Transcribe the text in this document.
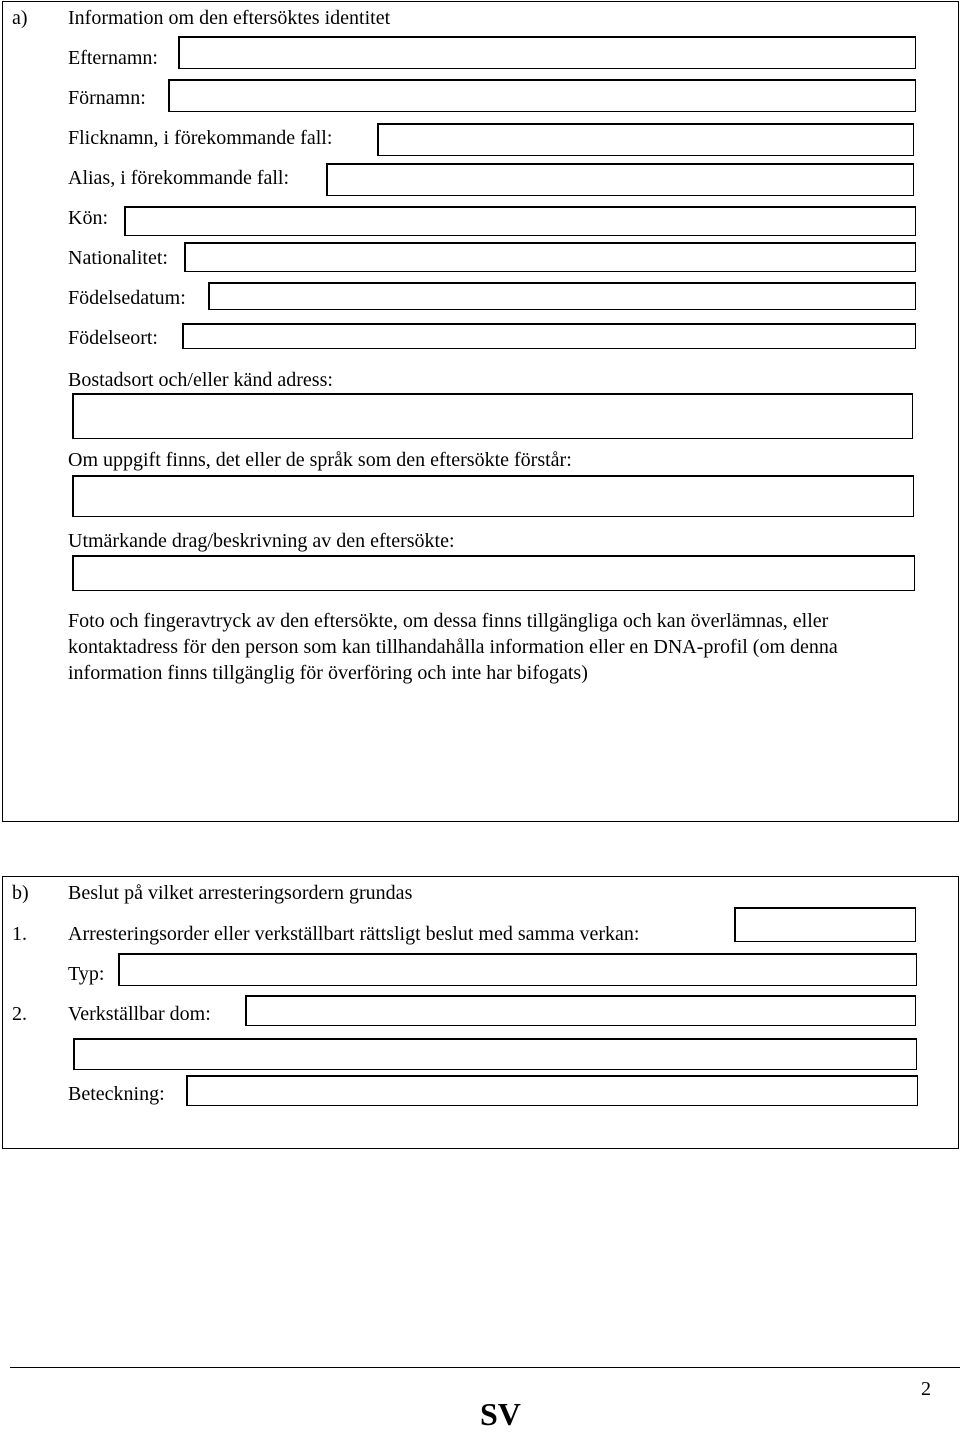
a) Information om den eftersöktes identitet
Efternamn:
Förnamn:
Flicknamn, i förekommande fall:
Alias, i förekommande fall:
Kön:
Nationalitet:
Födelsedatum:
Födelseort:
Bostadsort och/eller känd adress:
Om uppgift finns, det eller de språk som den eftersökte förstår:
Utmärkande drag/beskrivning av den eftersökte:
Foto och fingeravtryck av den eftersökte, om dessa finns tillgängliga och kan överlämnas, eller kontaktadress för den person som kan tillhandahålla information eller en DNA-profil (om denna information finns tillgänglig för överföring och inte har bifogats)
b) Beslut på vilket arresteringsordern grundas
1. Arresteringsorder eller verkställbart rättsligt beslut med samma verkan:
Typ:
2. Verkställbar dom:
Beteckning:
2
SV
